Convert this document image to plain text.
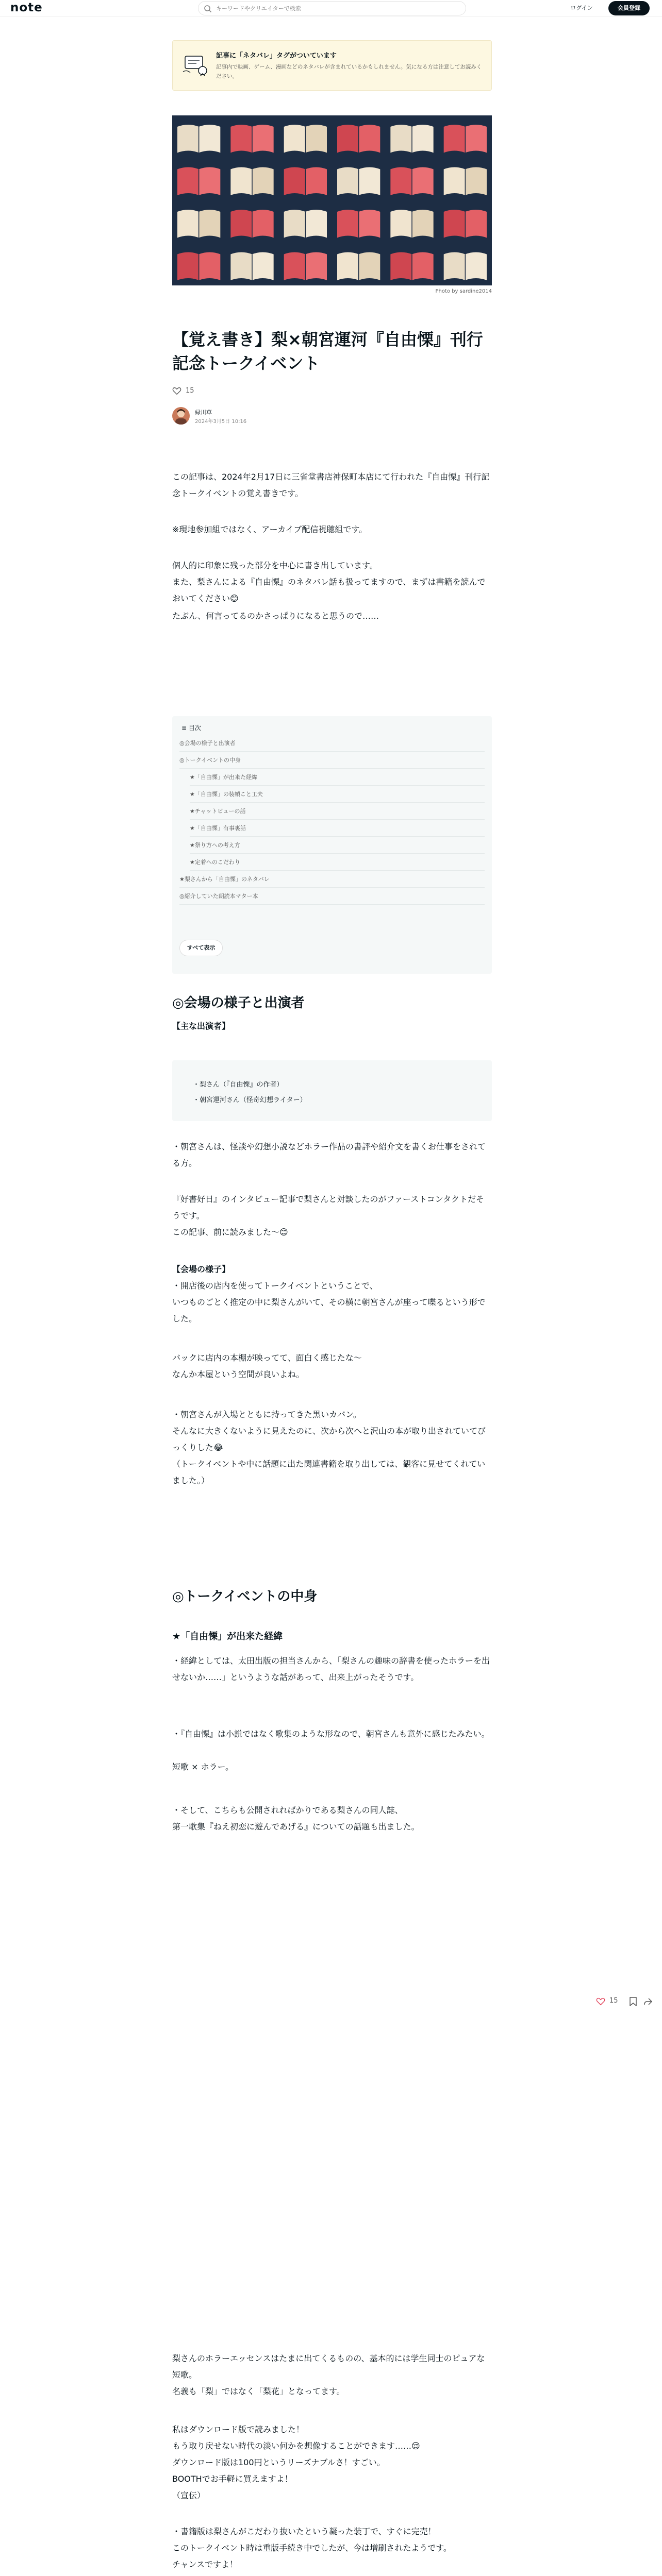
note
キーワードやクリエイターで検索	ログイン	会員登録
記事に「ネタバレ」タグがついています
記事内で映画、ゲーム、漫画などのネタバレが含まれているかもしれません。気になる方は注意してお読みください。
Photo by sardine2014
【覚え書き】梨×朝宮運河『自由慄』刊行記念トークイベント
15
緑川草
2024年3月5日 10:16

この記事は、2024年2月17日に三省堂書店神保町本店にて行われた『自由慄』刊行記念トークイベントの覚え書きです。

※現地参加組ではなく、アーカイブ配信視聴組です。

個人的に印象に残った部分を中心に書き出しています。

また、梨さんによる『自由慄』のネタバレ話も扱ってますので、まずは書籍を読んでおいてください😊

たぶん、何言ってるのかさっぱりになると思うので……

≡ 目次
◎会場の様子と出演者
◎トークイベントの中身
★「自由慄」が出来た経緯
★「自由慄」の装幀こと工夫
★チャットビューの話
★「自由慄」有事裏話
★祭り方への考え方
★定着へのこだわり
★梨さんから「自由慄」のネタバレ
◎紹介していた朗読本マター本
すべて表示
◎会場の様子と出演者

【主な出演者】

・梨さん（『自由慄』の作者）
・朝宮運河さん（怪奇幻想ライター）

・朝宮さんは、怪談や幻想小説などホラー作品の書評や紹介文を書くお仕事をされてる方。

『好書好日』のインタビュー記事で梨さんと対談したのがファーストコンタクトだそうです。

この記事、前に読みました〜😊

【会場の様子】

・開店後の店内を使ってトークイベントということで、

いつものごとく推定の中に梨さんがいて、その横に朝宮さんが座って喋るという形でした。

バックに店内の本棚が映ってて、面白く感じたな〜

なんか本屋という空間が良いよね。

・朝宮さんが入場とともに持ってきた黒いカバン。

そんなに大きくないように見えたのに、次から次へと沢山の本が取り出されていてびっくりした😂

（トークイベントや中に話題に出た関連書籍を取り出しては、観客に見せてくれていました。）

◎トークイベントの中身
★「自由慄」が出来た経緯

・経緯としては、太田出版の担当さんから、「梨さんの趣味の辞書を使ったホラーを出せないか……」というような話があって、出来上がったそうです。

・『自由慄』は小説ではなく歌集のような形なので、朝宮さんも意外に感じたみたい。

短歌 × ホラー。

・そして、こちらも公開されればかりである梨さんの同人誌、

第一歌集『ねえ初恋に遊んであげる』についての話題も出ました。

15

梨さんのホラーエッセンスはたまに出てくるものの、基本的には学生同士のピュアな短歌。

名義も「梨」ではなく「梨花」となってます。

私はダウンロード版で読みました！

もう取り戻せない時代の淡い何かを想像することができます……😌

ダウンロード版は100円というリーズナブルさ！すごい。

BOOTHでお手軽に買えますよ！

（宣伝）

・書籍版は梨さんがこだわり抜いたという凝った装丁で、すぐに完売！

このトークイベント時は重版手続き中でしたが、今は増刷されたようです。

チャンスですよ！
